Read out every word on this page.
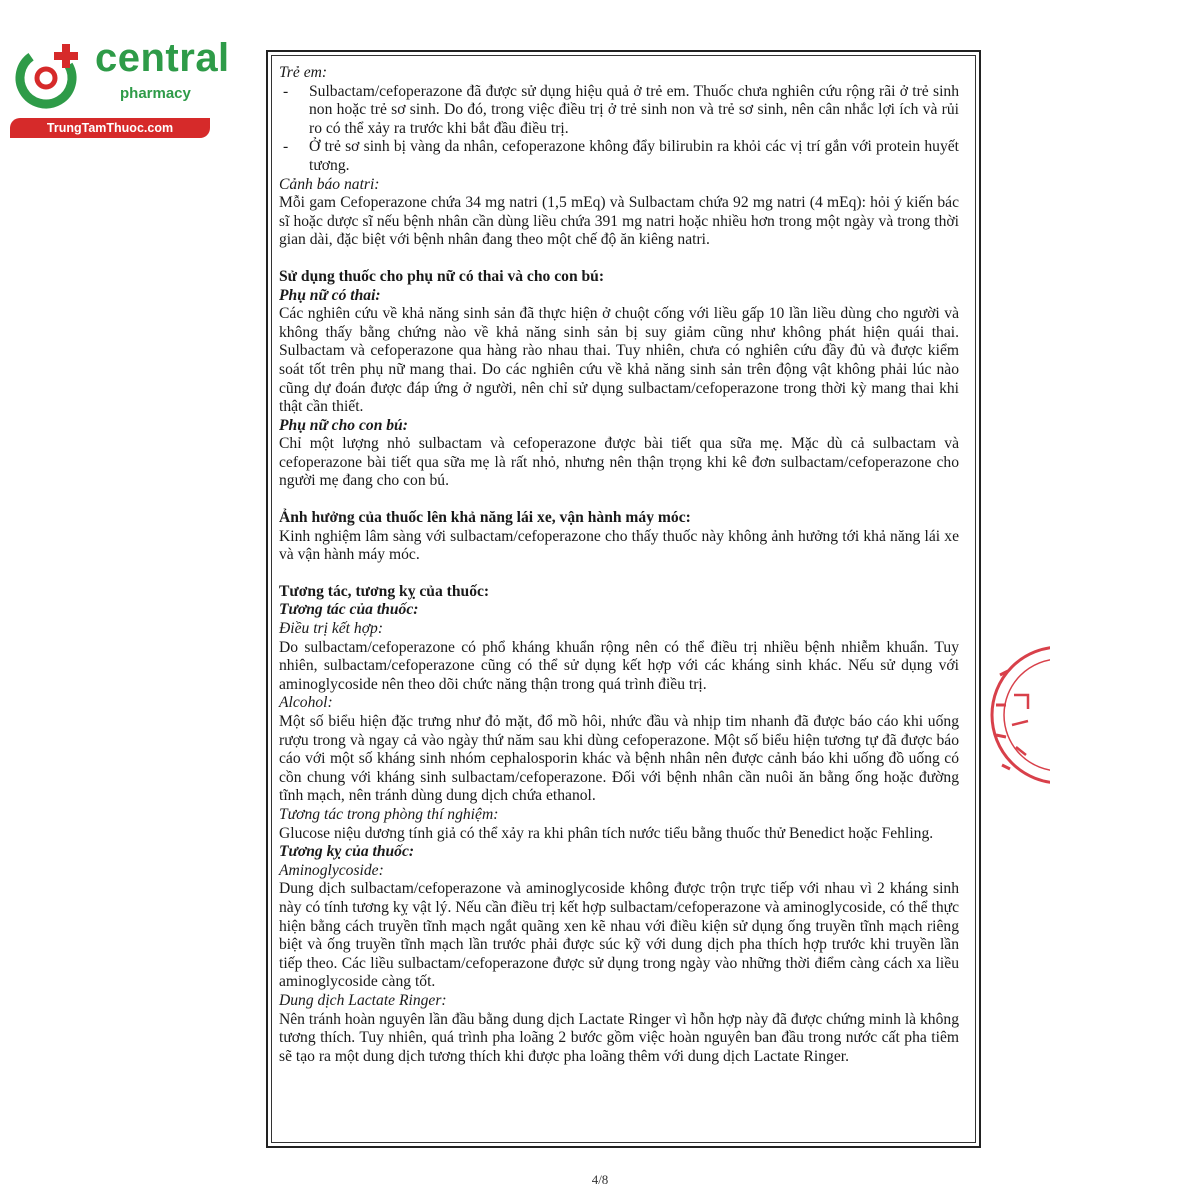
central
pharmacy
TrungTamThuoc.com

Trẻ em:

- Sulbactam/cefoperazone đã được sử dụng hiệu quả ở trẻ em. Thuốc chưa nghiên cứu rộng rãi ở trẻ sinh non hoặc trẻ sơ sinh. Do đó, trong việc điều trị ở trẻ sinh non và trẻ sơ sinh, nên cân nhắc lợi ích và rủi ro có thể xảy ra trước khi bắt đầu điều trị.

- Ở trẻ sơ sinh bị vàng da nhân, cefoperazone không đẩy bilirubin ra khỏi các vị trí gắn với protein huyết tương.

Cảnh báo natri:

Mỗi gam Cefoperazone chứa 34 mg natri (1,5 mEq) và Sulbactam chứa 92 mg natri (4 mEq): hỏi ý kiến bác sĩ hoặc dược sĩ nếu bệnh nhân cần dùng liều chứa 391 mg natri hoặc nhiều hơn trong một ngày và trong thời gian dài, đặc biệt với bệnh nhân đang theo một chế độ ăn kiêng natri.

Sử dụng thuốc cho phụ nữ có thai và cho con bú:

Phụ nữ có thai:

Các nghiên cứu về khả năng sinh sản đã thực hiện ở chuột cống với liều gấp 10 lần liều dùng cho người và không thấy bằng chứng nào về khả năng sinh sản bị suy giảm cũng như không phát hiện quái thai. Sulbactam và cefoperazone qua hàng rào nhau thai. Tuy nhiên, chưa có nghiên cứu đầy đủ và được kiểm soát tốt trên phụ nữ mang thai. Do các nghiên cứu về khả năng sinh sản trên động vật không phải lúc nào cũng dự đoán được đáp ứng ở người, nên chỉ sử dụng sulbactam/cefoperazone trong thời kỳ mang thai khi thật cần thiết.

Phụ nữ cho con bú:

Chỉ một lượng nhỏ sulbactam và cefoperazone được bài tiết qua sữa mẹ. Mặc dù cả sulbactam và cefoperazone bài tiết qua sữa mẹ là rất nhỏ, nhưng nên thận trọng khi kê đơn sulbactam/cefoperazone cho người mẹ đang cho con bú.

Ảnh hưởng của thuốc lên khả năng lái xe, vận hành máy móc:

Kinh nghiệm lâm sàng với sulbactam/cefoperazone cho thấy thuốc này không ảnh hưởng tới khả năng lái xe và vận hành máy móc.

Tương tác, tương kỵ của thuốc:

Tương tác của thuốc:

Điều trị kết hợp:

Do sulbactam/cefoperazone có phổ kháng khuẩn rộng nên có thể điều trị nhiều bệnh nhiễm khuẩn. Tuy nhiên, sulbactam/cefoperazone cũng có thể sử dụng kết hợp với các kháng sinh khác. Nếu sử dụng với aminoglycoside nên theo dõi chức năng thận trong quá trình điều trị.

Alcohol:

Một số biểu hiện đặc trưng như đỏ mặt, đổ mồ hôi, nhức đầu và nhịp tim nhanh đã được báo cáo khi uống rượu trong và ngay cả vào ngày thứ năm sau khi dùng cefoperazone. Một số biểu hiện tương tự đã được báo cáo với một số kháng sinh nhóm cephalosporin khác và bệnh nhân nên được cảnh báo khi uống đồ uống có cồn chung với kháng sinh sulbactam/cefoperazone. Đối với bệnh nhân cần nuôi ăn bằng ống hoặc đường tĩnh mạch, nên tránh dùng dung dịch chứa ethanol.

Tương tác trong phòng thí nghiệm:

Glucose niệu dương tính giả có thể xảy ra khi phân tích nước tiểu bằng thuốc thử Benedict hoặc Fehling.

Tương kỵ của thuốc:

Aminoglycoside:

Dung dịch sulbactam/cefoperazone và aminoglycoside không được trộn trực tiếp với nhau vì 2 kháng sinh này có tính tương kỵ vật lý. Nếu cần điều trị kết hợp sulbactam/cefoperazone và aminoglycoside, có thể thực hiện bằng cách truyền tĩnh mạch ngắt quãng xen kẽ nhau với điều kiện sử dụng ống truyền tĩnh mạch riêng biệt và ống truyền tĩnh mạch lần trước phải được súc kỹ với dung dịch pha thích hợp trước khi truyền lần tiếp theo. Các liều sulbactam/cefoperazone được sử dụng trong ngày vào những thời điểm càng cách xa liều aminoglycoside càng tốt.

Dung dịch Lactate Ringer:

Nên tránh hoàn nguyên lần đầu bằng dung dịch Lactate Ringer vì hỗn hợp này đã được chứng minh là không tương thích. Tuy nhiên, quá trình pha loãng 2 bước gồm việc hoàn nguyên ban đầu trong nước cất pha tiêm sẽ tạo ra một dung dịch tương thích khi được pha loãng thêm với dung dịch Lactate Ringer.

4/8
